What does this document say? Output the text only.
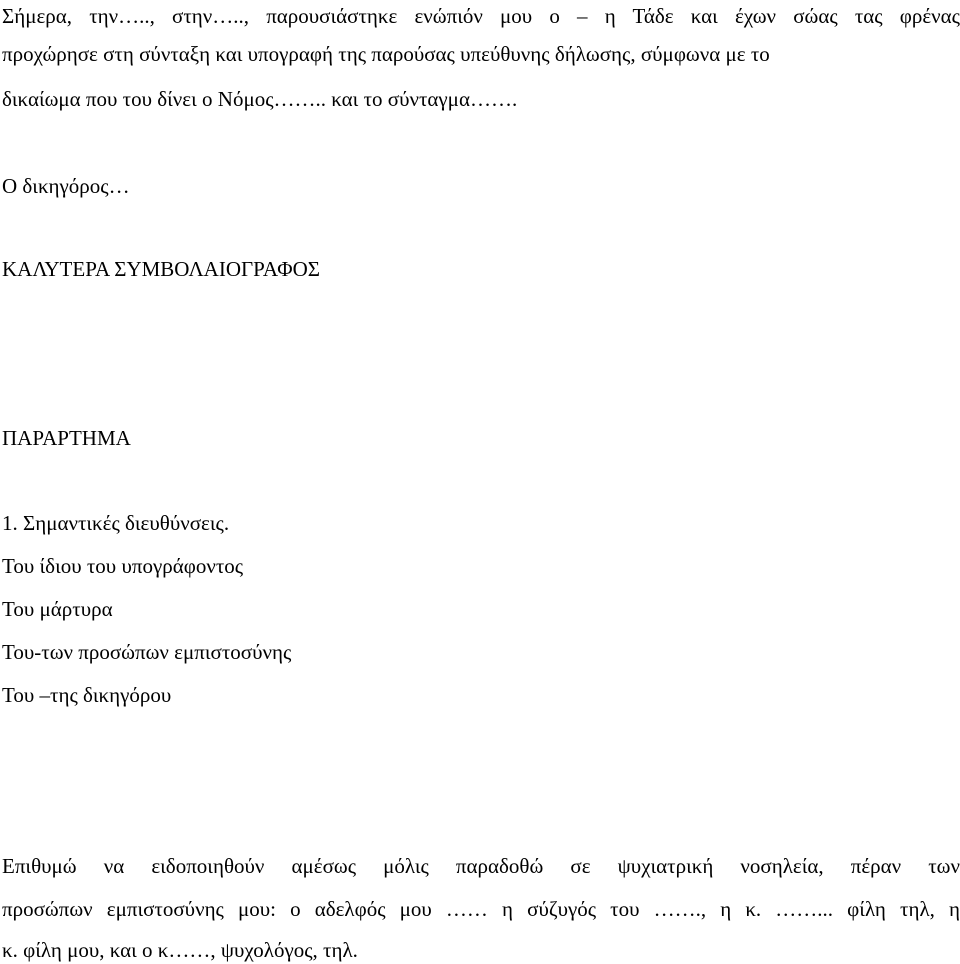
Σήμερα, την….., στην….., παρουσιάστηκε ενώπιόν μου ο – η Τάδε και έχων σώας τας φρένας
προχώρησε στη σύνταξη και υπογραφή της παρούσας υπεύθυνης δήλωσης, σύμφωνα με το
δικαίωμα που του δίνει ο Νόμος…….. και το σύνταγμα…….
Ο δικηγόρος…
ΚΑΛΥΤΕΡΑ ΣΥΜΒΟΛΑΙΟΓΡΑΦΟΣ
ΠΑΡΑΡΤΗΜΑ
1. Σημαντικές διευθύνσεις.
Του ίδιου του υπογράφοντος
Του μάρτυρα
Του-των προσώπων εμπιστοσύνης
Του –της δικηγόρου
Επιθυμώ να ειδοποιηθούν αμέσως μόλις παραδοθώ σε ψυχιατρική νοσηλεία, πέραν των
προσώπων εμπιστοσύνης μου: ο αδελφός μου …… η σύζυγός του ……., η κ. ……... φίλη τηλ, η
κ. φίλη μου, και ο κ……, ψυχολόγος, τηλ.
